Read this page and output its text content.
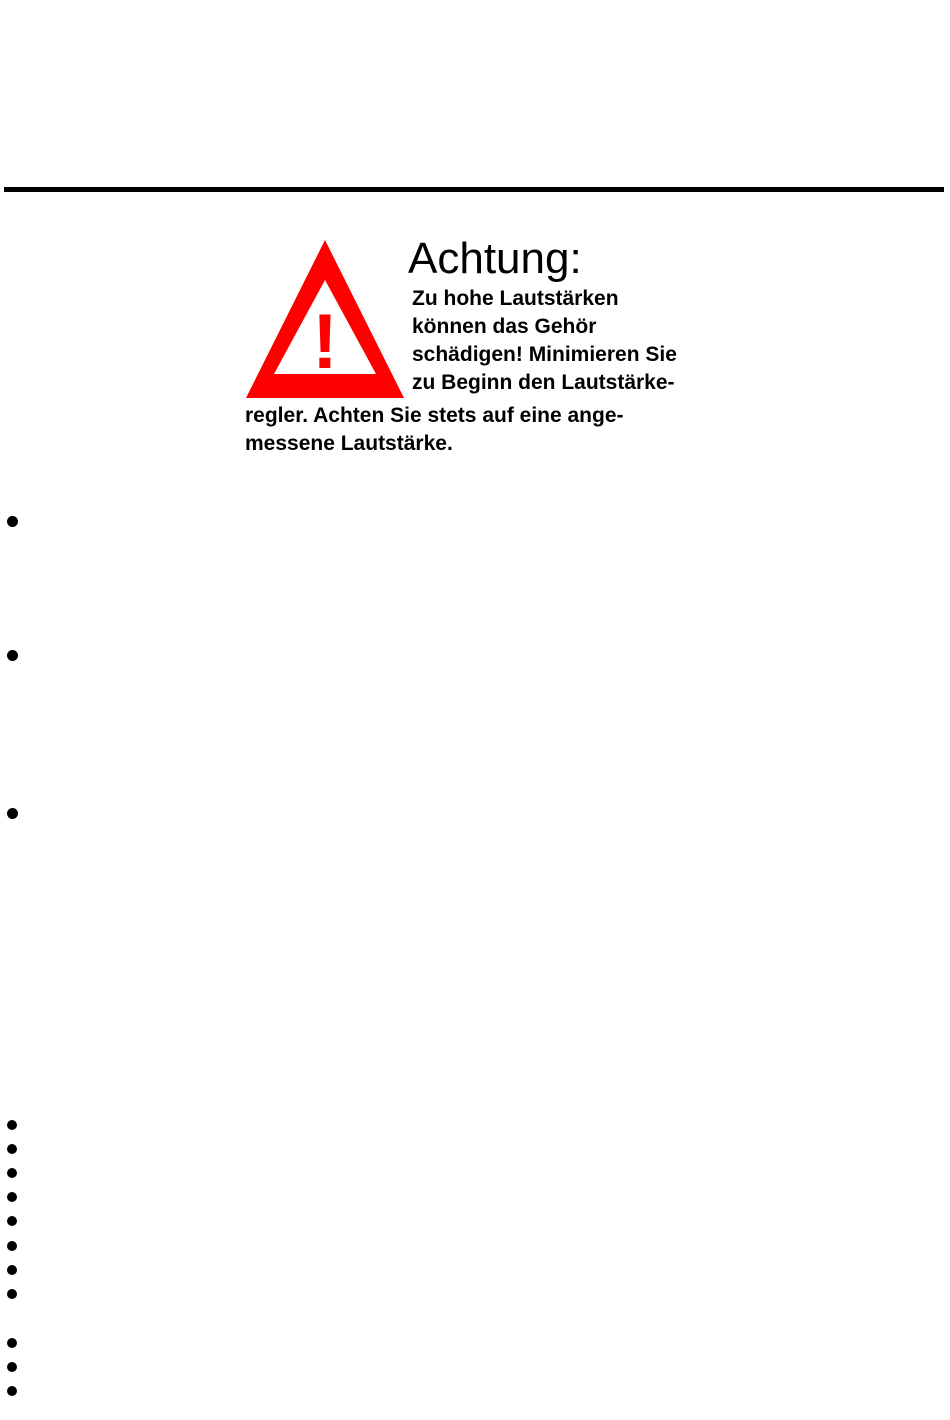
!
Achtung:
Zu hohe Lautstärken
können das Gehör
schädigen! Minimieren Sie
zu Beginn den Lautstärke-
regler. Achten Sie stets auf eine ange-
messene Lautstärke.
